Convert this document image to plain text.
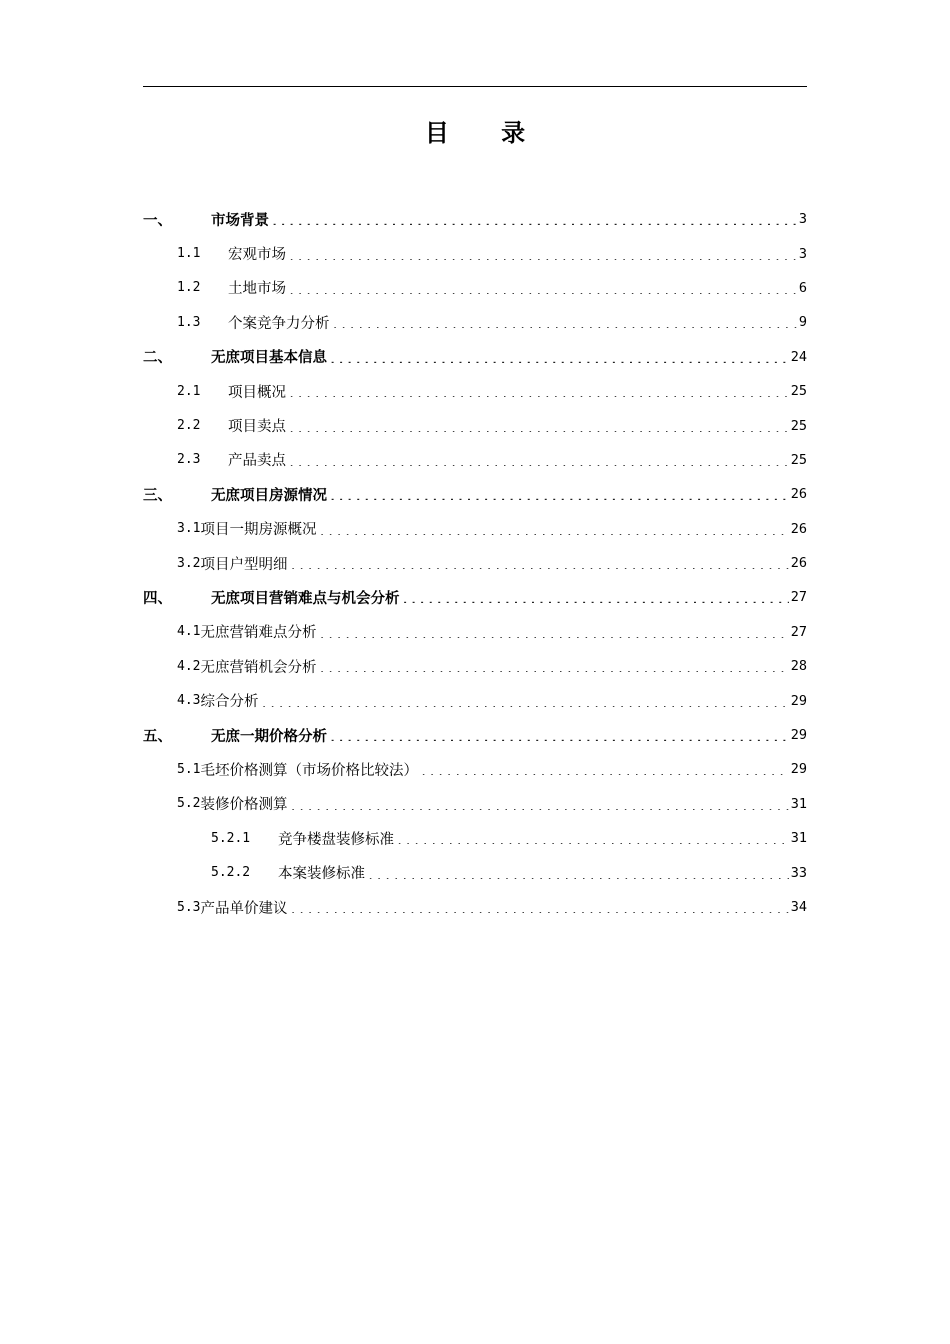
目 录
一、	市场背景 .....	3
1.1	宏观市场 .....	3
1.2	土地市场 .....	6
1.3	个案竞争力分析 .....	9
二、	无庶项目基本信息 .....	24
2.1	项目概况 .....	25
2.2	项目卖点 .....	25
2.3	产品卖点 .....	25
三、	无庶项目房源情况 .....	26
3.1 项目一期房源概况 .....	26
3.2 项目户型明细 .....	26
四、	无庶项目营销难点与机会分析 .....	27
4.1 无庶营销难点分析 .....	27
4.2 无庶营销机会分析 .....	28
4.3 综合分析 .....	29
五、	无庶一期价格分析 .....	29
5.1 毛坯价格测算（市场价格比较法） .....	29
5.2 装修价格测算 .....	31
5.2.1	竞争楼盘装修标准 .....	31
5.2.2	本案装修标准 .....	33
5.3 产品单价建议 .....	34
